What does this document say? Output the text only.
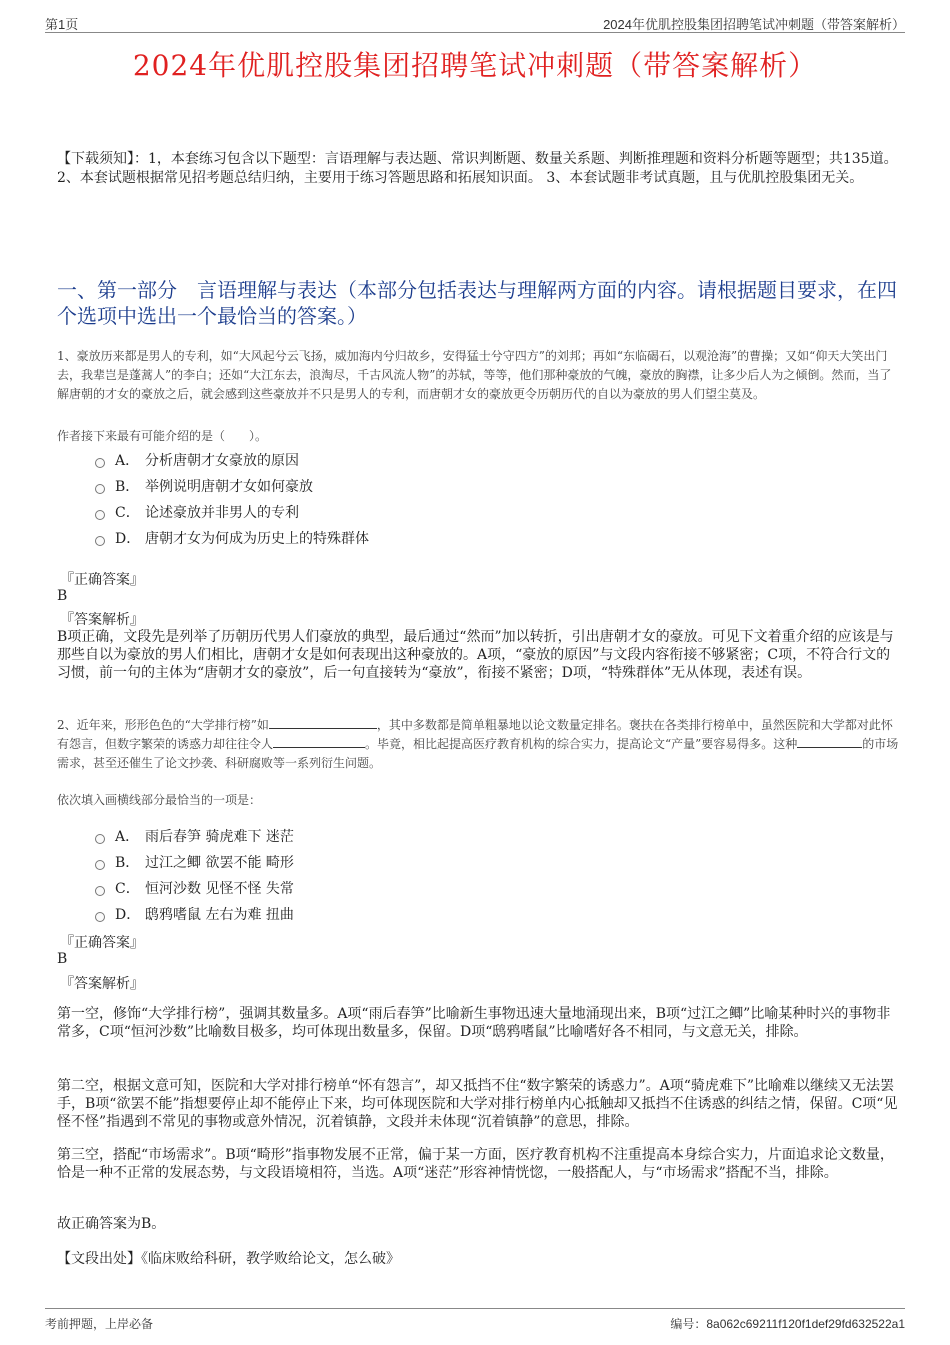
第1页	2024年优肌控股集团招聘笔试冲刺题（带答案解析）
2024年优肌控股集团招聘笔试冲刺题（带答案解析）
【下载须知】：1，本套练习包含以下题型：言语理解与表达题、常识判断题、数量关系题、判断推理题和资料分析题等题型；共135道。 2、本套试题根据常见招考题总结归纳，主要用于练习答题思路和拓展知识面。 3、本套试题非考试真题，且与优肌控股集团无关。
一、第一部分　言语理解与表达（本部分包括表达与理解两方面的内容。请根据题目要求，在四个选项中选出一个最恰当的答案。）
1、豪放历来都是男人的专利，如“大风起兮云飞扬，威加海内兮归故乡，安得猛士兮守四方”的刘邦；再如“东临碣石，以观沧海”的曹操；又如“仰天大笑出门去，我辈岂是蓬蒿人”的李白；还如“大江东去，浪淘尽，千古风流人物”的苏轼，等等，他们那种豪放的气魄，豪放的胸襟，让多少后人为之倾倒。然而，当了解唐朝的才女的豪放之后，就会感到这些豪放并不只是男人的专利，而唐朝才女的豪放更令历朝历代的自以为豪放的男人们望尘莫及。
作者接下来最有可能介绍的是（　　）。
A． 分析唐朝才女豪放的原因
B． 举例说明唐朝才女如何豪放
C． 论述豪放并非男人的专利
D． 唐朝才女为何成为历史上的特殊群体
『正确答案』
B
『答案解析』
B项正确，文段先是列举了历朝历代男人们豪放的典型，最后通过“然而”加以转折，引出唐朝才女的豪放。可见下文着重介绍的应该是与那些自以为豪放的男人们相比，唐朝才女是如何表现出这种豪放的。A项，“豪放的原因”与文段内容衔接不够紧密；C项，不符合行文的习惯，前一句的主体为“唐朝才女的豪放”，后一句直接转为“豪放”，衔接不紧密；D项，“特殊群体”无从体现，表述有误。
2、近年来，形形色色的“大学排行榜”如	，其中多数都是简单粗暴地以论文数量定排名。褒扶在各类排行榜单中，虽然医院和大学都对此怀有怨言，但数字繁荣的诱惑力却往往令人	。毕竟，相比起提高医疗教育机构的综合实力，提高论文“产量”要容易得多。这种	的市场需求，甚至还催生了论文抄袭、科研腐败等一系列衍生问题。
依次填入画横线部分最恰当的一项是：
A． 雨后春笋 骑虎难下 迷茫
B． 过江之鲫 欲罢不能 畸形
C． 恒河沙数 见怪不怪 失常
D． 鸱鸦嗜鼠 左右为难 扭曲
『正确答案』
B
『答案解析』
第一空，修饰“大学排行榜”，强调其数量多。A项“雨后春笋”比喻新生事物迅速大量地涌现出来，B项“过江之鲫”比喻某种时兴的事物非常多，C项“恒河沙数”比喻数目极多，均可体现出数量多，保留。D项“鸱鸦嗜鼠”比喻嗜好各不相同，与文意无关，排除。
第二空，根据文意可知，医院和大学对排行榜单“怀有怨言”，却又抵挡不住“数字繁荣的诱惑力”。A项“骑虎难下”比喻难以继续又无法罢手，B项“欲罢不能”指想要停止却不能停止下来，均可体现医院和大学对排行榜单内心抵触却又抵挡不住诱惑的纠结之情，保留。C项“见怪不怪”指遇到不常见的事物或意外情况，沉着镇静，文段并未体现“沉着镇静”的意思，排除。
第三空，搭配“市场需求”。B项“畸形”指事物发展不正常，偏于某一方面，医疗教育机构不注重提高本身综合实力，片面追求论文数量，恰是一种不正常的发展态势，与文段语境相符，当选。A项“迷茫”形容神情恍惚，一般搭配人，与“市场需求”搭配不当，排除。
故正确答案为B。
【文段出处】《临床败给科研，教学败给论文，怎么破》
考前押题，上岸必备	编号：8a062c69211f120f1def29fd632522a1
